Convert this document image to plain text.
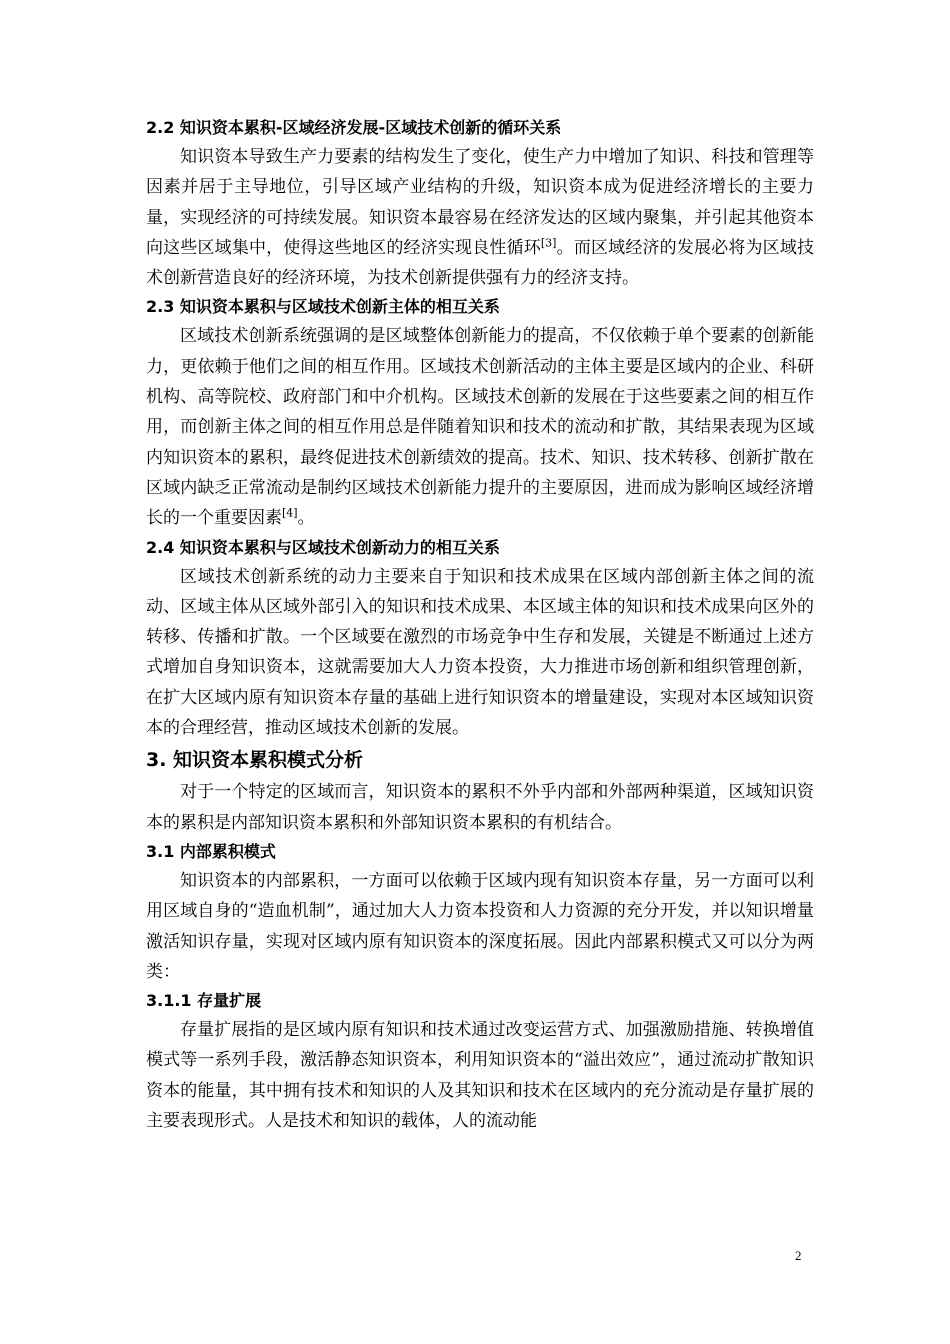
2.2 知识资本累积-区域经济发展-区域技术创新的循环关系

知识资本导致生产力要素的结构发生了变化，使生产力中增加了知识、科技和管理等因素并居于主导地位，引导区域产业结构的升级，知识资本成为促进经济增长的主要力量，实现经济的可持续发展。知识资本最容易在经济发达的区域内聚集，并引起其他资本向这些区域集中，使得这些地区的经济实现良性循环[3]。而区域经济的发展必将为区域技术创新营造良好的经济环境，为技术创新提供强有力的经济支持。

2.3 知识资本累积与区域技术创新主体的相互关系

区域技术创新系统强调的是区域整体创新能力的提高，不仅依赖于单个要素的创新能力，更依赖于他们之间的相互作用。区域技术创新活动的主体主要是区域内的企业、科研机构、高等院校、政府部门和中介机构。区域技术创新的发展在于这些要素之间的相互作用，而创新主体之间的相互作用总是伴随着知识和技术的流动和扩散，其结果表现为区域内知识资本的累积，最终促进技术创新绩效的提高。技术、知识、技术转移、创新扩散在区域内缺乏正常流动是制约区域技术创新能力提升的主要原因，进而成为影响区域经济增长的一个重要因素[4]。

2.4 知识资本累积与区域技术创新动力的相互关系

区域技术创新系统的动力主要来自于知识和技术成果在区域内部创新主体之间的流动、区域主体从区域外部引入的知识和技术成果、本区域主体的知识和技术成果向区外的转移、传播和扩散。一个区域要在激烈的市场竞争中生存和发展，关键是不断通过上述方式增加自身知识资本，这就需要加大人力资本投资，大力推进市场创新和组织管理创新，在扩大区域内原有知识资本存量的基础上进行知识资本的增量建设，实现对本区域知识资本的合理经营，推动区域技术创新的发展。

3. 知识资本累积模式分析

对于一个特定的区域而言，知识资本的累积不外乎内部和外部两种渠道，区域知识资本的累积是内部知识资本累积和外部知识资本累积的有机结合。

3.1 内部累积模式

知识资本的内部累积，一方面可以依赖于区域内现有知识资本存量，另一方面可以利用区域自身的“造血机制”，通过加大人力资本投资和人力资源的充分开发，并以知识增量激活知识存量，实现对区域内原有知识资本的深度拓展。因此内部累积模式又可以分为两类：

3.1.1 存量扩展

存量扩展指的是区域内原有知识和技术通过改变运营方式、加强激励措施、转换增值模式等一系列手段，激活静态知识资本，利用知识资本的“溢出效应”，通过流动扩散知识资本的能量，其中拥有技术和知识的人及其知识和技术在区域内的充分流动是存量扩展的主要表现形式。人是技术和知识的载体，人的流动能

2
